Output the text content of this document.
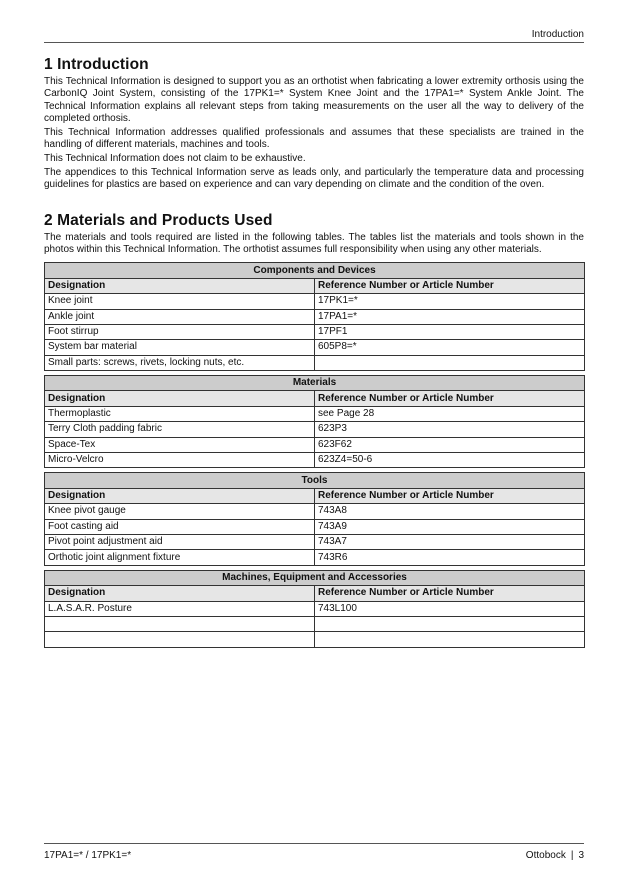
Introduction
1 Introduction

This Technical Information is designed to support you as an orthotist when fabricating a lower extremity orthosis using the CarbonIQ Joint System, consisting of the 17PK1=* System Knee Joint and the 17PA1=* System Ankle Joint. The Technical Information explains all relevant steps from taking measurements on the user all the way to delivery of the completed orthosis.

This Technical Information addresses qualified professionals and assumes that these specialists are trained in the handling of different materials, machines and tools.

This Technical Information does not claim to be exhaustive.

The appendices to this Technical Information serve as leads only, and particularly the temperature data and processing guidelines for plastics are based on experience and can vary depending on climate and the condition of the oven.

2 Materials and Products Used

The materials and tools required are listed in the following tables. The tables list the materials and tools shown in the photos within this Technical Information. The orthotist assumes full responsibility when using any other materials.

Components and Devices	
Designation	Reference Number or Article Number
Knee joint	17PK1=*
Ankle joint	17PA1=*
Foot stirrup	17PF1
System bar material	605P8=*
Small parts: screws, rivets, locking nuts, etc.	
Materials	
Designation	Reference Number or Article Number
Thermoplastic	see Page 28
Terry Cloth padding fabric	623P3
Space-Tex	623F62
Micro-Velcro	623Z4=50-6
Tools	
Designation	Reference Number or Article Number
Knee pivot gauge	743A8
Foot casting aid	743A9
Pivot point adjustment aid	743A7
Orthotic joint alignment fixture	743R6
Machines, Equipment and Accessories	
Designation	Reference Number or Article Number
L.A.S.A.R. Posture	743L100

17PA1=* / 17PK1=*	Ottobock | 3
